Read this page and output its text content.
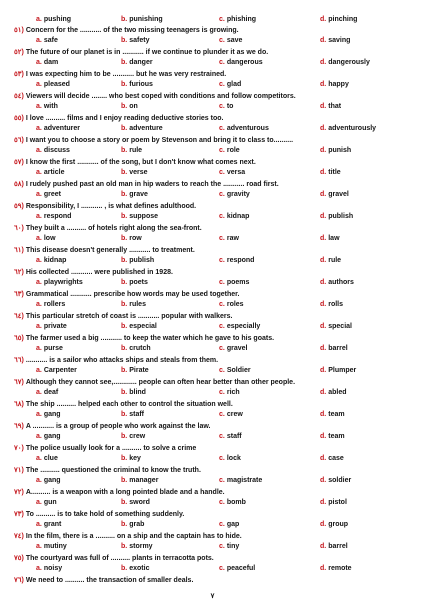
a. pushing	b. punishing	c. phishing	d. pinching
٥١) Concern for the ........... of the two missing teenagers is growing.
a. safe	b. safety	c. save	d. saving
٥٢) The future of our planet is in ........... if we continue to plunder it as we do.
a. dam	b. danger	c. dangerous	d. dangerously
٥٣) I was expecting him to be ........... but he was very restrained.
a. pleased	b. furious	c. glad	d. happy
٥٤) Viewers will decide ........ who best coped with conditions and follow competitors.
a. with	b. on	c. to	d. that
٥٥) I love .......... films and I enjoy reading deductive stories too.
a. adventurer	b. adventure	c. adventurous	d. adventurously
٥٦) I want you to choose a story or poem by Stevenson and bring it to class to..........
a. discuss	b. rule	c. role	d. punish
٥٧) I know the first ........... of the song, but I don't know what comes next.
a. article	b. verse	c. versa	d. title
٥٨) I rudely pushed past an old man in hip waders to reach the ........... road first.
a. greet	b. grave	c. gravity	d. gravel
٥٩) Responsibility, I ........... , is what defines adulthood.
a. respond	b. suppose	c. kidnap	d. publish
٦٠) They built a .......... of hotels right along the sea-front.
a. low	b. row	c. raw	d. law
٦١) This disease doesn't generally ........... to treatment.
a. kidnap	b. publish	c. respond	d. rule
٦٢) His collected ........... were published in 1928.
a. playwrights	b. poets	c. poems	d. authors
٦٣) Grammatical ........... prescribe how words may be used together.
a. rollers	b. rules	c. roles	d. rolls
٦٤) This particular stretch of coast is ........... popular with walkers.
a. private	b. especial	c. especially	d. special
٦٥) The farmer used a big ........... to keep the water which he gave to his goats.
a. purse	b. crutch	c. gravel	d. barrel
٦٦) ........... is a sailor who attacks ships and steals from them.
a. Carpenter	b. Pirate	c. Soldier	d. Plumper
٦٧) Although they cannot see,............ people can often hear better than other people.
a. deaf	b. blind	c. rich	d. abled
٦٨) The ship .......... helped each other to control the situation well.
a. gang	b. staff	c. crew	d. team
٦٩) A ........... is a group of people who work against the law.
a. gang	b. crew	c. staff	d. team
٧٠) The police usually look for a .......... to solve a crime
a. clue	b. key	c. lock	d. case
٧١) The .......... questioned the criminal to know the truth.
a. gang	b. manager	c. magistrate	d. soldier
٧٢) A.......... is a weapon with a long pointed blade and a handle.
a. gun	b. sword	c. bomb	d. pistol
٧٣) To .......... is to take hold of something suddenly.
a. grant	b. grab	c. gap	d. group
٧٤) In the film, there is a .......... on a ship and the captain has to hide.
a. mutiny	b. stormy	c. tiny	d. barrel
٧٥) The courtyard was full of .......... plants in terracotta pots.
a. noisy	b. exotic	c. peaceful	d. remote
٧٦) We need to .......... the transaction of smaller deals.
٧
